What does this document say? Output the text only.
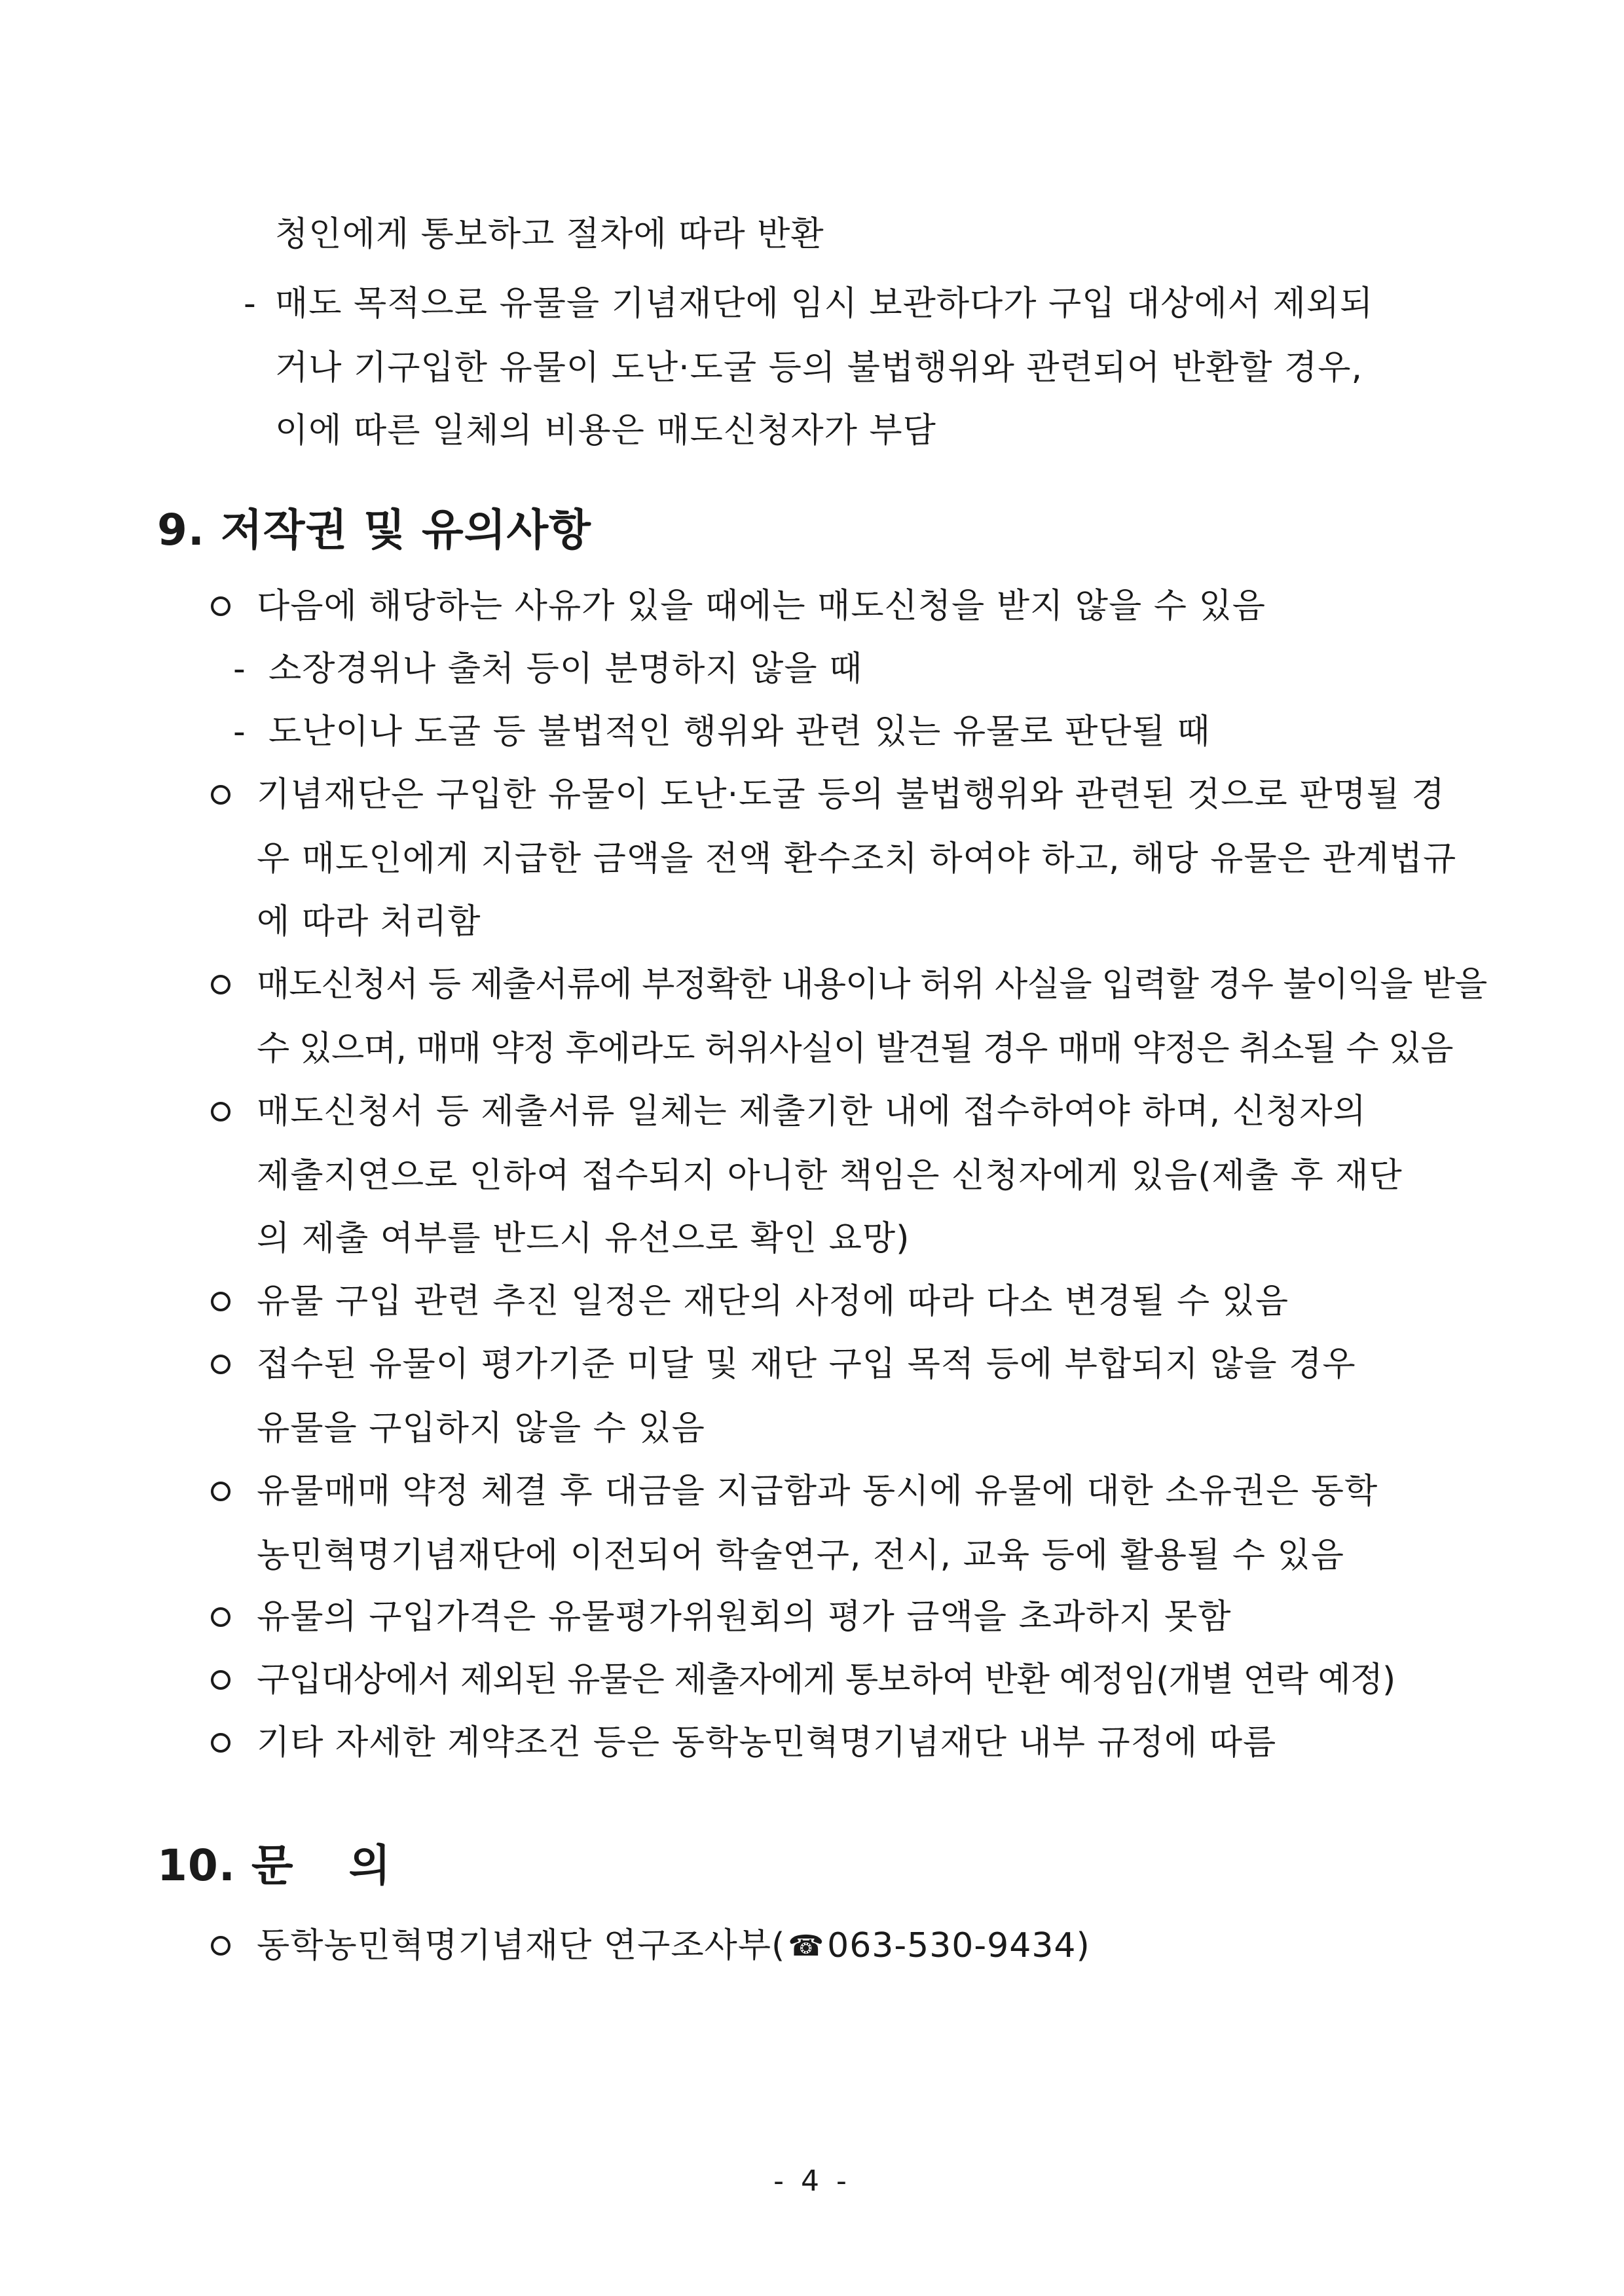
청인에게 통보하고 절차에 따라 반환
- 매도 목적으로 유물을 기념재단에 임시 보관하다가 구입 대상에서 제외되
거나 기구입한 유물이 도난·도굴 등의 불법행위와 관련되어 반환할 경우,
이에 따른 일체의 비용은 매도신청자가 부담
9. 저작권 및 유의사항
다음에 해당하는 사유가 있을 때에는 매도신청을 받지 않을 수 있음
- 소장경위나 출처 등이 분명하지 않을 때
- 도난이나 도굴 등 불법적인 행위와 관련 있는 유물로 판단될 때
기념재단은 구입한 유물이 도난·도굴 등의 불법행위와 관련된 것으로 판명될 경
우 매도인에게 지급한 금액을 전액 환수조치 하여야 하고, 해당 유물은 관계법규
에 따라 처리함
매도신청서 등 제출서류에 부정확한 내용이나 허위 사실을 입력할 경우 불이익을 받을
수 있으며, 매매 약정 후에라도 허위사실이 발견될 경우 매매 약정은 취소될 수 있음
매도신청서 등 제출서류 일체는 제출기한 내에 접수하여야 하며, 신청자의
제출지연으로 인하여 접수되지 아니한 책임은 신청자에게 있음(제출 후 재단
의 제출 여부를 반드시 유선으로 확인 요망)
유물 구입 관련 추진 일정은 재단의 사정에 따라 다소 변경될 수 있음
접수된 유물이 평가기준 미달 및 재단 구입 목적 등에 부합되지 않을 경우
유물을 구입하지 않을 수 있음
유물매매 약정 체결 후 대금을 지급함과 동시에 유물에 대한 소유권은 동학
농민혁명기념재단에 이전되어 학술연구, 전시, 교육 등에 활용될 수 있음
유물의 구입가격은 유물평가위원회의 평가 금액을 초과하지 못함
구입대상에서 제외된 유물은 제출자에게 통보하여 반환 예정임(개별 연락 예정)
기타 자세한 계약조건 등은 동학농민혁명기념재단 내부 규정에 따름
10. 문 의
동학농민혁명기념재단 연구조사부(☎063-530-9434)
- 4 -
